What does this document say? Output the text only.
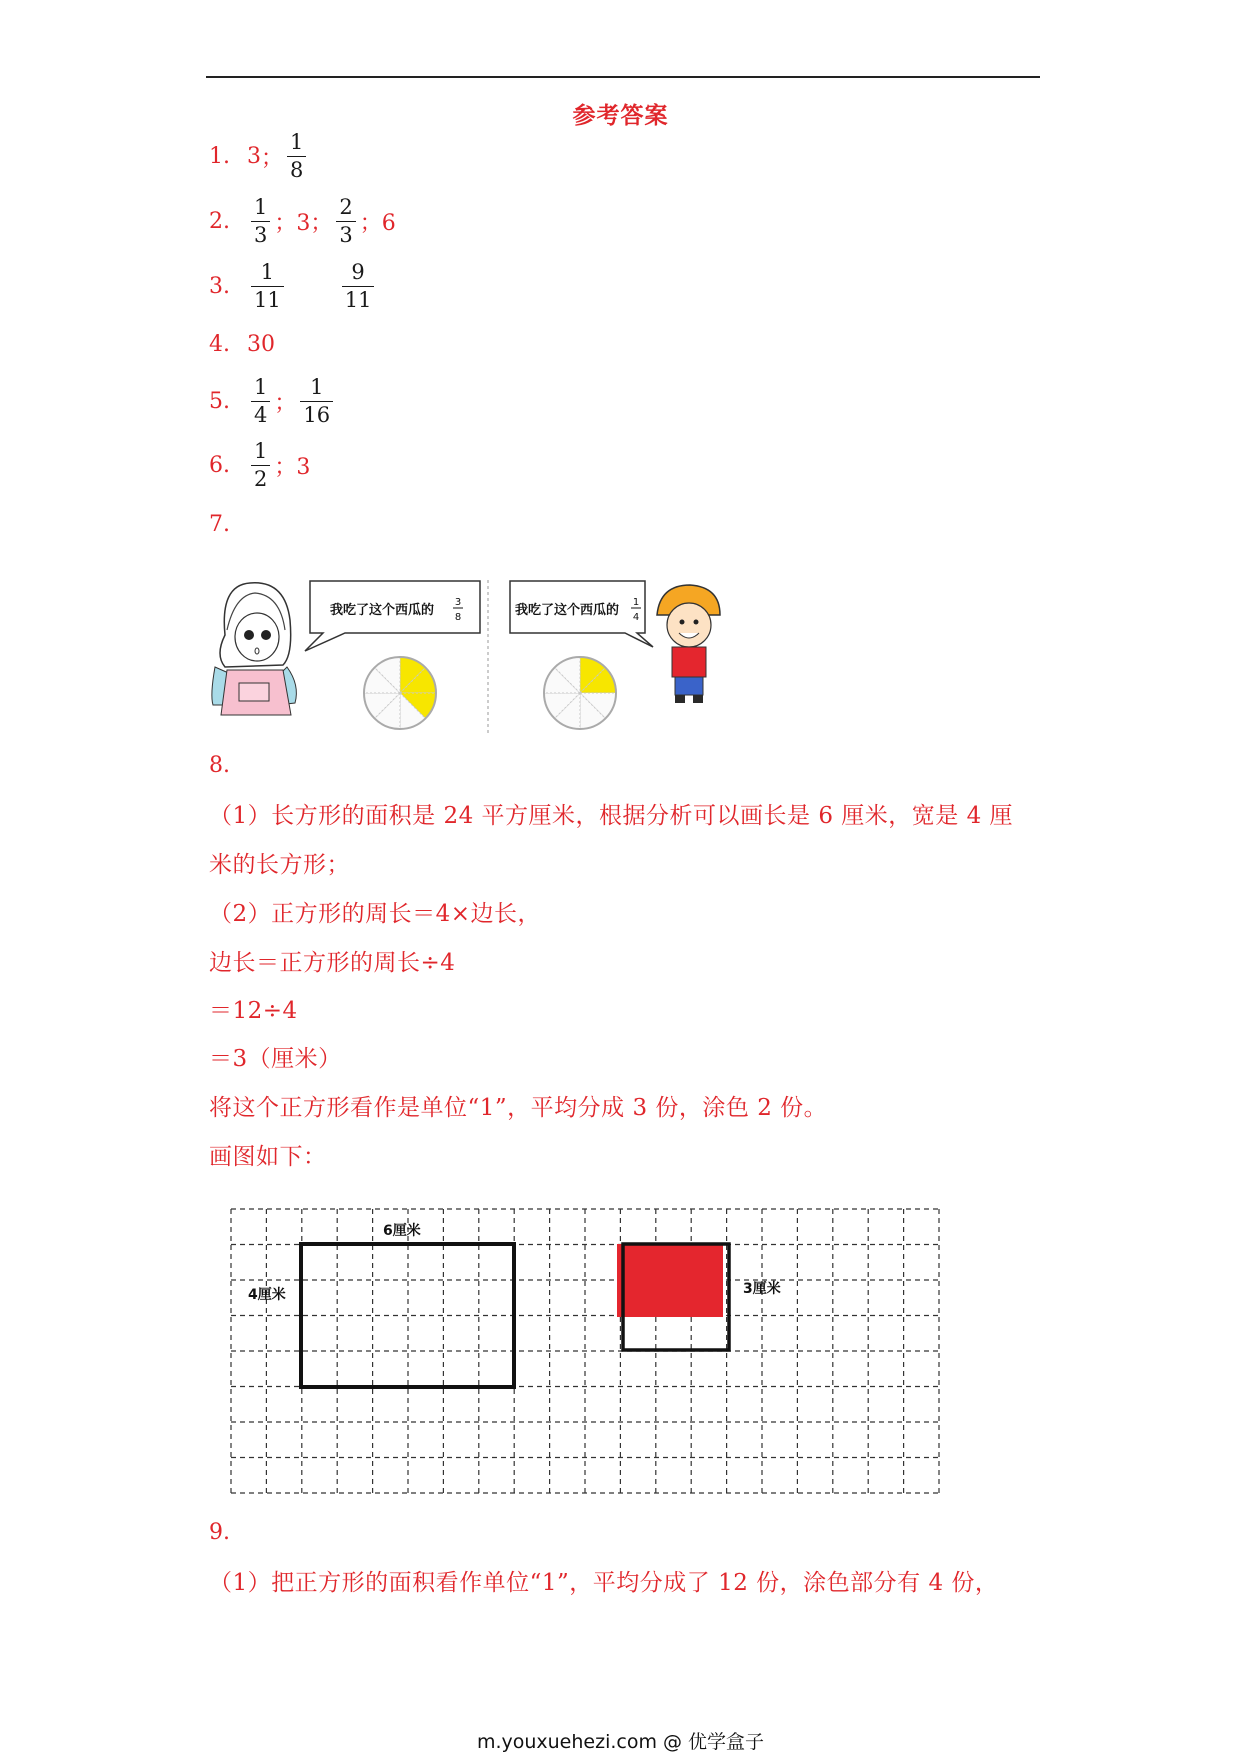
参考答案
1. 3 ； $\frac{1}{8}$
2.	$\frac{1}{3}$ ；3； $\frac{2}{3}$ ；6
3.	$\frac{1}{11}$	$\frac{9}{11}$
4. 30
5.	$\frac{1}{4}$ ； $\frac{1}{16}$
6.	$\frac{1}{2}$ ；3
7.
我吃了这个西瓜的
3
8	我吃了这个西瓜的
1
4
8.
（1）长方形的面积是 24 平方厘米，根据分析可以画长是 6 厘米，宽是 4 厘
米的长方形；
（2）正方形的周长＝4×边长，
边长＝正方形的周长÷4
＝12÷4
＝3（厘米）
将这个正方形看作是单位“1”，平均分成 3 份，涂色 2 份。
画图如下：
6厘米
4厘米	3厘米
9.
（1）把正方形的面积看作单位“1”，平均分成了 12 份，涂色部分有 4 份，
m.youxuehezi.com @ 优学盒子
